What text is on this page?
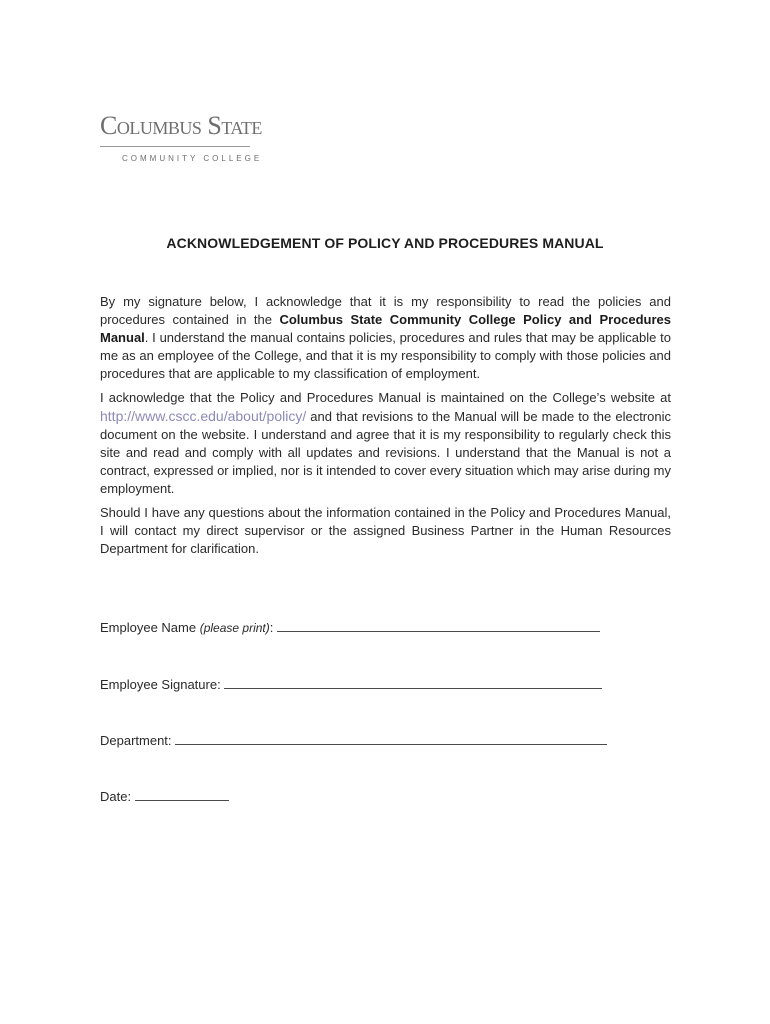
Columbus State
COMMUNITY COLLEGE
ACKNOWLEDGEMENT OF POLICY AND PROCEDURES MANUAL

By my signature below, I acknowledge that it is my responsibility to read the policies and procedures contained in the Columbus State Community College Policy and Procedures Manual. I understand the manual contains policies, procedures and rules that may be applicable to me as an employee of the College, and that it is my responsibility to comply with those policies and procedures that are applicable to my classification of employment.

I acknowledge that the Policy and Procedures Manual is maintained on the College’s website at http://www.cscc.edu/about/policy/ and that revisions to the Manual will be made to the electronic document on the website. I understand and agree that it is my responsibility to regularly check this site and read and comply with all updates and revisions. I understand that the Manual is not a contract, expressed or implied, nor is it intended to cover every situation which may arise during my employment.

Should I have any questions about the information contained in the Policy and Procedures Manual, I will contact my direct supervisor or the assigned Business Partner in the Human Resources Department for clarification.

Employee Name (please print):
Employee Signature:
Department:
Date:
